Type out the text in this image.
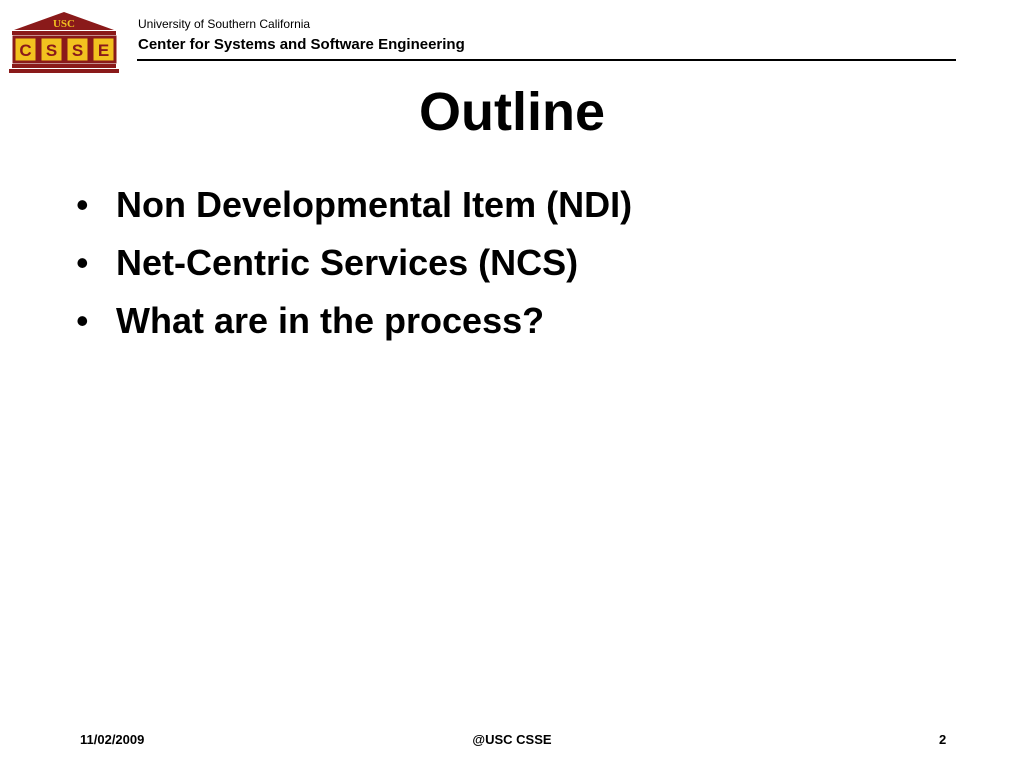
USC
C S S E
University of Southern California
Center for Systems and Software Engineering
Outline
• Non Developmental Item (NDI)
• Net-Centric Services (NCS)
• What are in the process?
11/02/2009	@USC CSSE	2
